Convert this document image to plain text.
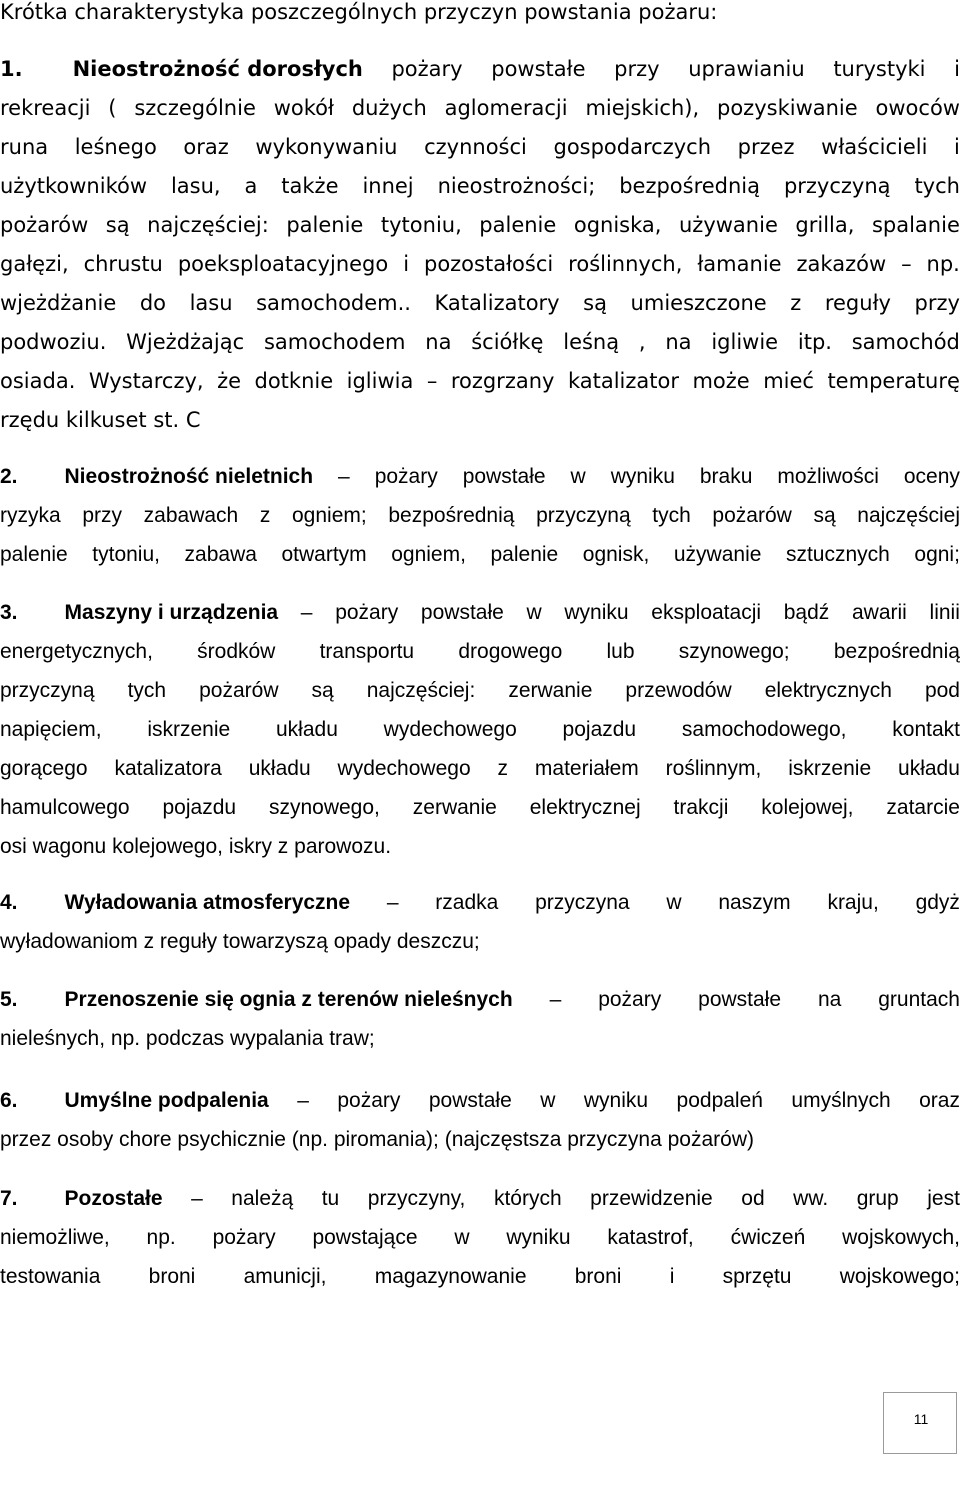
Krótka charakterystyka poszczególnych przyczyn powstania pożaru:
1. Nieostrożność dorosłych pożary powstałe przy uprawianiu turystyki i
rekreacji ( szczególnie wokół dużych aglomeracji miejskich), pozyskiwanie owoców
runa leśnego oraz wykonywaniu czynności gospodarczych przez właścicieli i
użytkowników lasu, a także innej nieostrożności; bezpośrednią przyczyną tych
pożarów są najczęściej: palenie tytoniu, palenie ogniska, używanie grilla, spalanie
gałęzi, chrustu poeksploatacyjnego i pozostałości roślinnych, łamanie zakazów – np.
wjeżdżanie do lasu samochodem.. Katalizatory są umieszczone z reguły przy
podwoziu. Wjeżdżając samochodem na ściółkę leśną , na igliwie itp. samochód
osiada. Wystarczy, że dotknie igliwia – rozgrzany katalizator może mieć temperaturę
rzędu kilkuset st. C
2. Nieostrożność nieletnich – pożary powstałe w wyniku braku możliwości oceny
ryzyka przy zabawach z ogniem; bezpośrednią przyczyną tych pożarów są najczęściej
palenie tytoniu, zabawa otwartym ogniem, palenie ognisk, używanie sztucznych ogni;
3. Maszyny i urządzenia – pożary powstałe w wyniku eksploatacji bądź awarii linii
energetycznych, środków transportu drogowego lub szynowego; bezpośrednią
przyczyną tych pożarów są najczęściej: zerwanie przewodów elektrycznych pod
napięciem, iskrzenie układu wydechowego pojazdu samochodowego, kontakt
gorącego katalizatora układu wydechowego z materiałem roślinnym, iskrzenie układu
hamulcowego pojazdu szynowego, zerwanie elektrycznej trakcji kolejowej, zatarcie
osi wagonu kolejowego, iskry z parowozu.
4. Wyładowania atmosferyczne – rzadka przyczyna w naszym kraju, gdyż
wyładowaniom z reguły towarzyszą opady deszczu;
5. Przenoszenie się ognia z terenów nieleśnych – pożary powstałe na gruntach
nieleśnych, np. podczas wypalania traw;
6. Umyślne podpalenia – pożary powstałe w wyniku podpaleń umyślnych oraz
przez osoby chore psychicznie (np. piromania); (najczęstsza przyczyna pożarów)
7. Pozostałe – należą tu przyczyny, których przewidzenie od ww. grup jest
niemożliwe, np. pożary powstające w wyniku katastrof, ćwiczeń wojskowych,
testowania broni amunicji, magazynowanie broni i sprzętu wojskowego;
11
